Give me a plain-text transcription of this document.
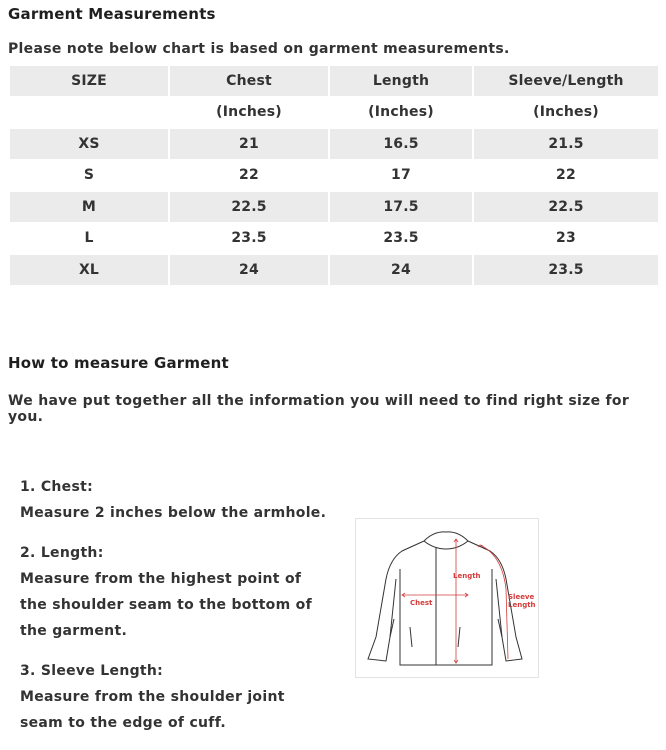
Garment Measurements
Please note below chart is based on garment measurements.
SIZE	Chest	Length	Sleeve/Length
	(Inches)	(Inches)	(Inches)
XS	21	16.5	21.5
S	22	17	22
M	22.5	17.5	22.5
L	23.5	23.5	23
XL	24	24	23.5
How to measure Garment
We have put together all the information you will need to find right size for you.

1. Chest:
Measure 2 inches below the armhole.

2. Length:
Measure from the highest point of
the shoulder seam to the bottom of
the garment.

3. Sleeve Length:
Measure from the shoulder joint
seam to the edge of cuff.

Chest
Length
Sleeve
Length
